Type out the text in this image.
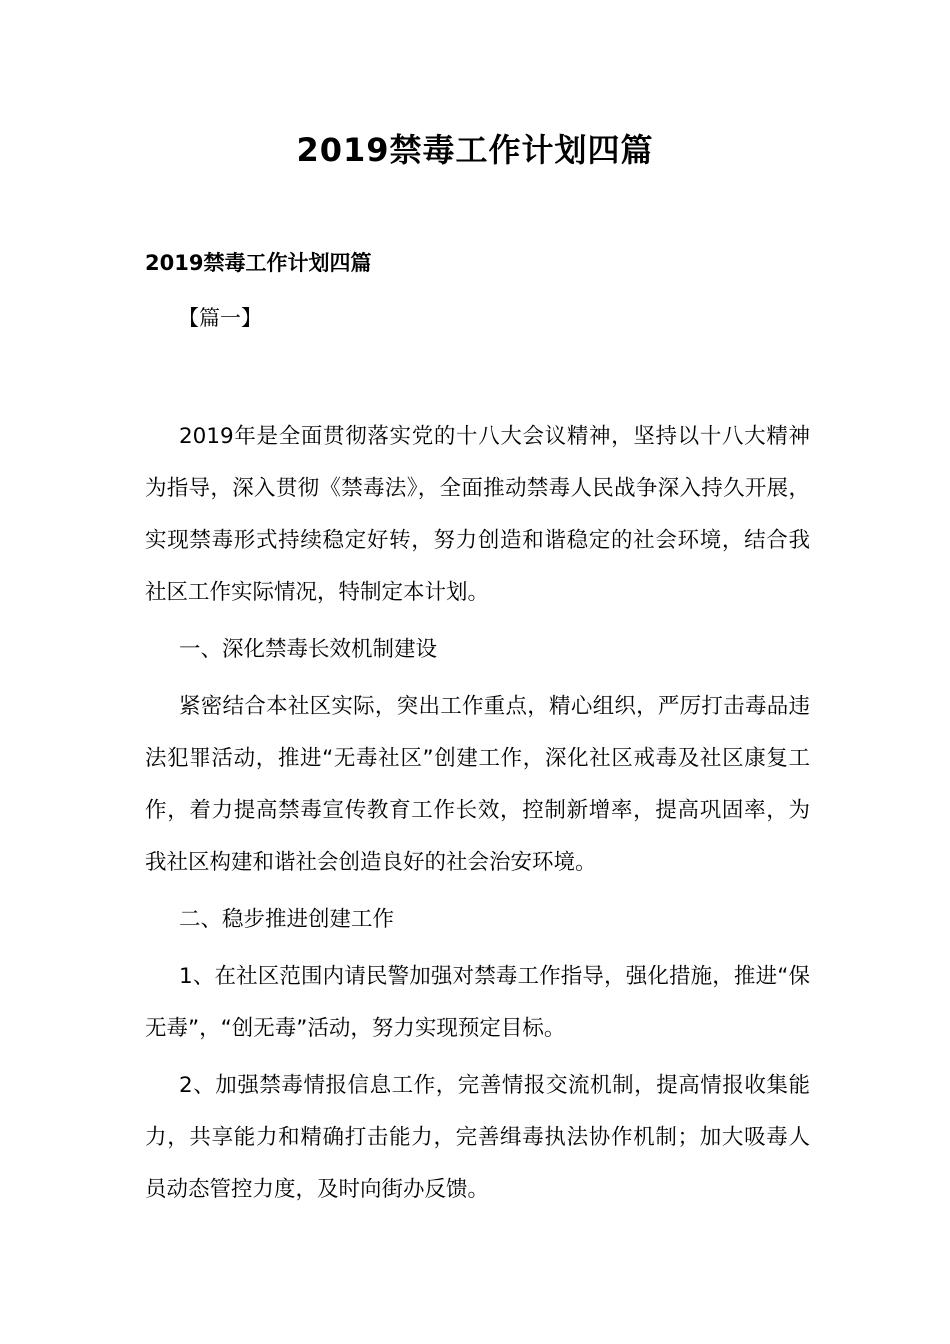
2019禁毒工作计划四篇
2019禁毒工作计划四篇

【篇一】

2019年是全面贯彻落实党的十八大会议精神，坚持以十八大精神为指导，深入贯彻《禁毒法》，全面推动禁毒人民战争深入持久开展，实现禁毒形式持续稳定好转，努力创造和谐稳定的社会环境，结合我社区工作实际情况，特制定本计划。

一、深化禁毒长效机制建设

紧密结合本社区实际，突出工作重点，精心组织，严厉打击毒品违法犯罪活动，推进“无毒社区”创建工作，深化社区戒毒及社区康复工作，着力提高禁毒宣传教育工作长效，控制新增率，提高巩固率，为我社区构建和谐社会创造良好的社会治安环境。

二、稳步推进创建工作

1、在社区范围内请民警加强对禁毒工作指导，强化措施，推进“保无毒”，“创无毒”活动，努力实现预定目标。

2、加强禁毒情报信息工作，完善情报交流机制，提高情报收集能力，共享能力和精确打击能力，完善缉毒执法协作机制；加大吸毒人员动态管控力度，及时向街办反馈。
